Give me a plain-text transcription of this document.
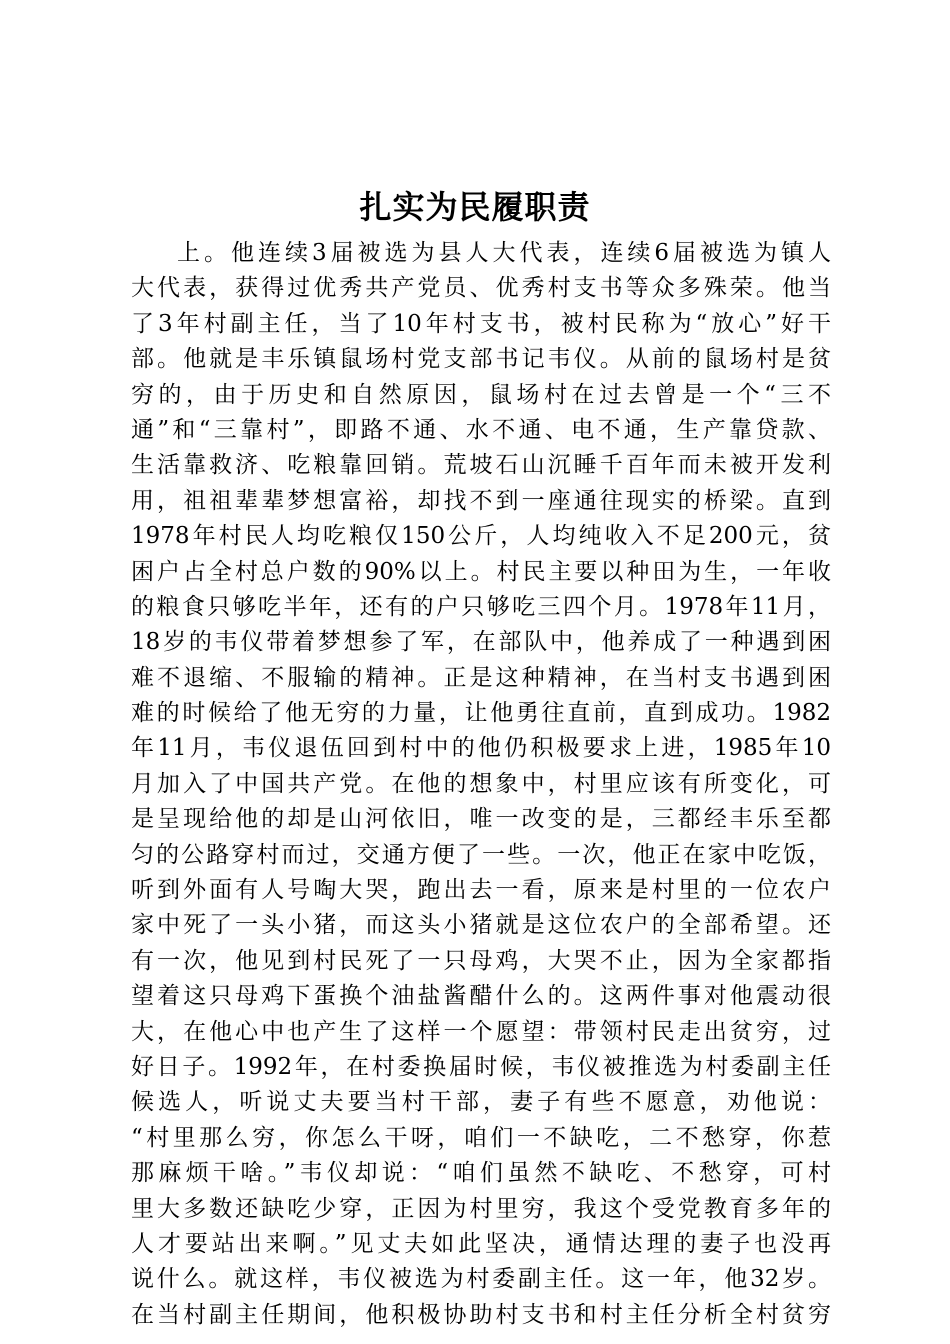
扎实为民履职责
上。他连续3届被选为县人大代表，连续6届被选为镇人
大代表，获得过优秀共产党员、优秀村支书等众多殊荣。他当
了3年村副主任，当了10年村支书，被村民称为“放心”好干
部。他就是丰乐镇鼠场村党支部书记韦仪。从前的鼠场村是贫
穷的，由于历史和自然原因，鼠场村在过去曾是一个“三不
通”和“三靠村”，即路不通、水不通、电不通，生产靠贷款、
生活靠救济、吃粮靠回销。荒坡石山沉睡千百年而未被开发利
用，祖祖辈辈梦想富裕，却找不到一座通往现实的桥梁。直到
1978年村民人均吃粮仅150公斤，人均纯收入不足200元，贫
困户占全村总户数的90%以上。村民主要以种田为生，一年收
的粮食只够吃半年，还有的户只够吃三四个月。1978年11月，
18岁的韦仪带着梦想参了军，在部队中，他养成了一种遇到困
难不退缩、不服输的精神。正是这种精神，在当村支书遇到困
难的时候给了他无穷的力量，让他勇往直前，直到成功。1982
年11月，韦仪退伍回到村中的他仍积极要求上进，1985年10
月加入了中国共产党。在他的想象中，村里应该有所变化，可
是呈现给他的却是山河依旧，唯一改变的是，三都经丰乐至都
匀的公路穿村而过，交通方便了一些。一次，他正在家中吃饭，
听到外面有人号啕大哭，跑出去一看，原来是村里的一位农户
家中死了一头小猪，而这头小猪就是这位农户的全部希望。还
有一次，他见到村民死了一只母鸡，大哭不止，因为全家都指
望着这只母鸡下蛋换个油盐酱醋什么的。这两件事对他震动很
大，在他心中也产生了这样一个愿望：带领村民走出贫穷，过
好日子。1992年，在村委换届时候，韦仪被推选为村委副主任
候选人，听说丈夫要当村干部，妻子有些不愿意，劝他说：
“村里那么穷，你怎么干呀，咱们一不缺吃，二不愁穿，你惹
那麻烦干啥。”韦仪却说：“咱们虽然不缺吃、不愁穿，可村
里大多数还缺吃少穿，正因为村里穷，我这个受党教育多年的
人才要站出来啊。”见丈夫如此坚决，通情达理的妻子也没再
说什么。就这样，韦仪被选为村委副主任。这一年，他32岁。
在当村副主任期间，他积极协助村支书和村主任分析全村贫穷
